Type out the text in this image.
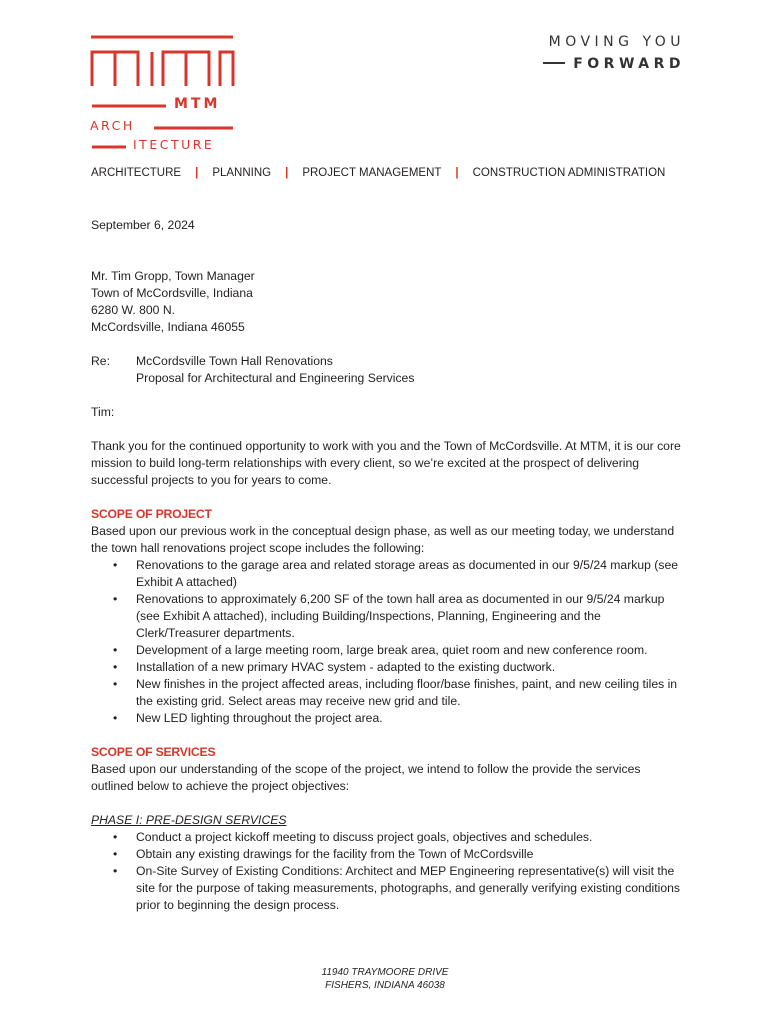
MTM
ARCH
ITECTURE
MOVING YOU
FORWARD
ARCHITECTURE | PLANNING | PROJECT MANAGEMENT | CONSTRUCTION ADMINISTRATION

September 6, 2024

Mr. Tim Gropp, Town Manager

Town of McCordsville, Indiana

6280 W. 800 N.

McCordsville, Indiana 46055

Re:	McCordsville Town Hall Renovations

Proposal for Architectural and Engineering Services

Tim:

Thank you for the continued opportunity to work with you and the Town of McCordsville. At MTM, it is our core mission to build long-term relationships with every client, so we’re excited at the prospect of delivering successful projects to you for years to come.

SCOPE OF PROJECT

Based upon our previous work in the conceptual design phase, as well as our meeting today, we understand the town hall renovations project scope includes the following:

• Renovations to the garage area and related storage areas as documented in our 9/5/24 markup (see Exhibit A attached)
• Renovations to approximately 6,200 SF of the town hall area as documented in our 9/5/24 markup (see Exhibit A attached), including Building/Inspections, Planning, Engineering and the Clerk/Treasurer departments.
• Development of a large meeting room, large break area, quiet room and new conference room.
• Installation of a new primary HVAC system - adapted to the existing ductwork.
• New finishes in the project affected areas, including floor/base finishes, paint, and new ceiling tiles in the existing grid. Select areas may receive new grid and tile.
• New LED lighting throughout the project area.

SCOPE OF SERVICES

Based upon our understanding of the scope of the project, we intend to follow the provide the services outlined below to achieve the project objectives:

PHASE I: PRE-DESIGN SERVICES

• Conduct a project kickoff meeting to discuss project goals, objectives and schedules.
• Obtain any existing drawings for the facility from the Town of McCordsville
• On-Site Survey of Existing Conditions: Architect and MEP Engineering representative(s) will visit the site for the purpose of taking measurements, photographs, and generally verifying existing conditions prior to beginning the design process.
11940 TRAYMOORE DRIVE
FISHERS, INDIANA 46038
